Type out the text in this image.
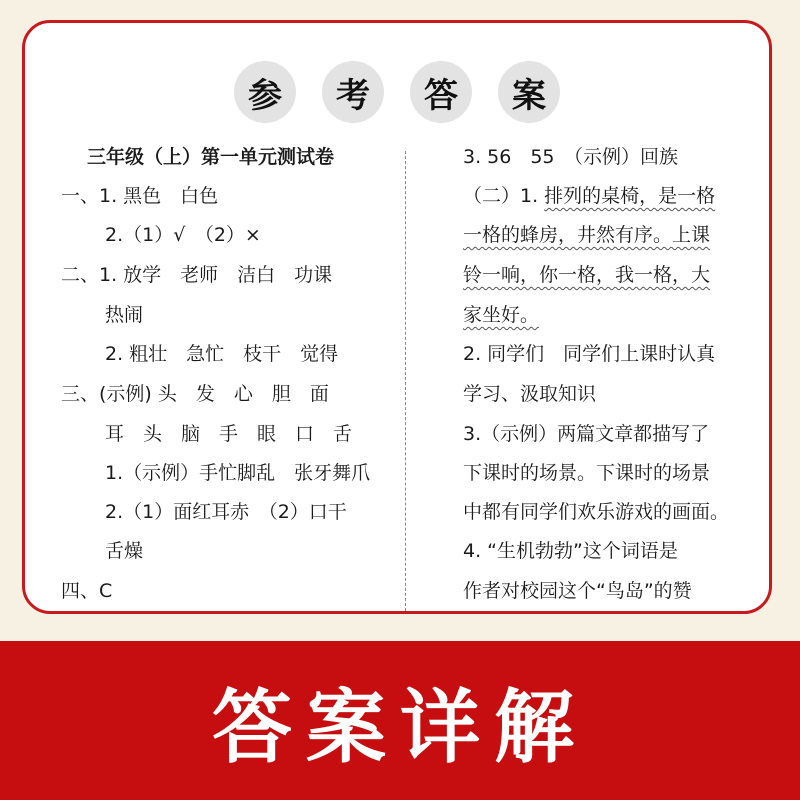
参	考	答	案
三年级（上）第一单元测试卷
一、1. 黑色　白色
2.（1）√　（2）×
二、1. 放学　老师　洁白　功课
热闹
2. 粗壮　急忙　枝干　觉得
三、(示例) 头　发　心　胆　面
耳　头　脑　手　眼　口　舌
1.（示例）手忙脚乱　张牙舞爪
2.（1）面红耳赤　（2）口干
舌燥
四、C
3. 56　55　（示例）回族
（二）1. 排列的桌椅，是一格
一格的蜂房，井然有序。上课
铃一响，你一格，我一格，大
家坐好。
2. 同学们　同学们上课时认真
学习、汲取知识
3.（示例）两篇文章都描写了
下课时的场景。下课时的场景
中都有同学们欢乐游戏的画面。
4. “生机勃勃”这个词语是
作者对校园这个“鸟岛”的赞
答案详解
